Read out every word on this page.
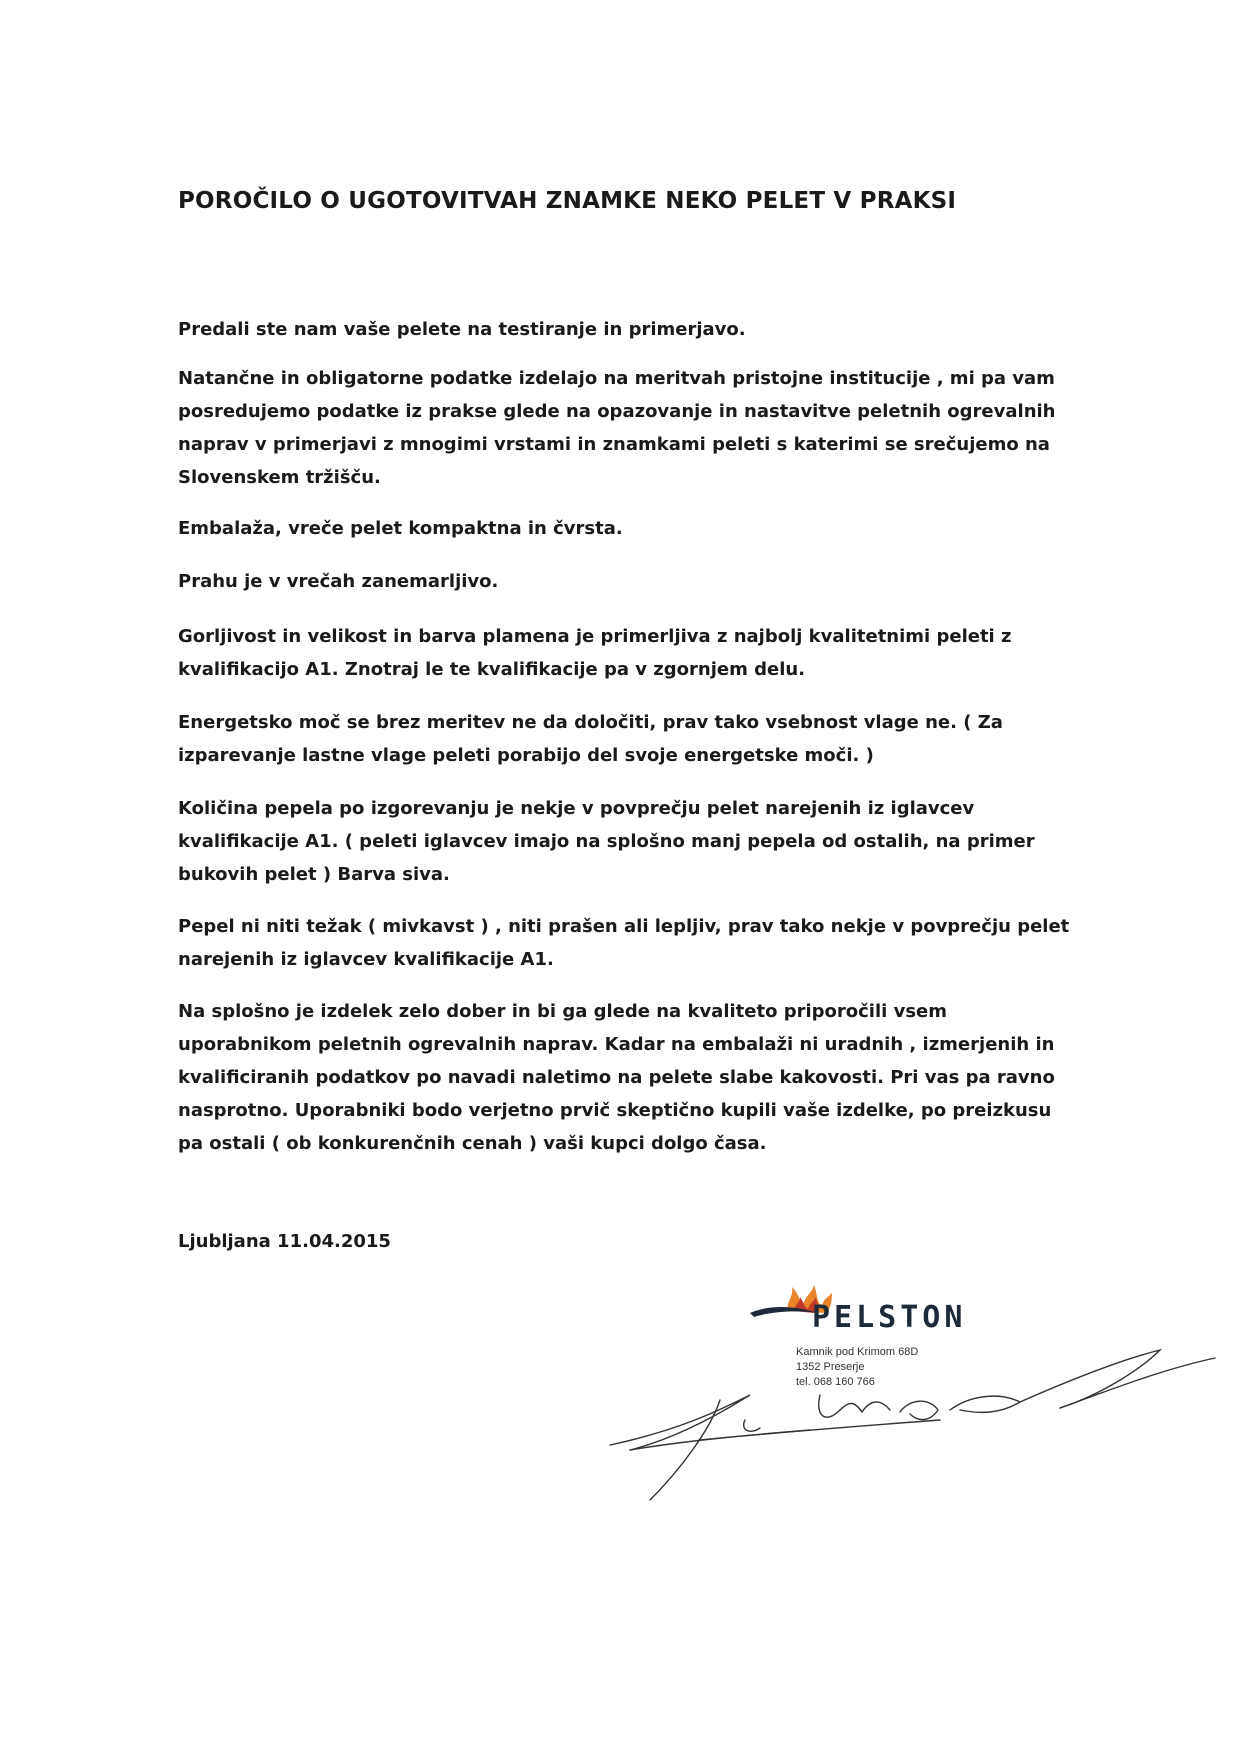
POROČILO O UGOTOVITVAH ZNAMKE NEKO PELET V PRAKSI

Predali ste nam vaše pelete na testiranje in primerjavo.

Natančne in obligatorne podatke izdelajo na meritvah pristojne institucije , mi pa vam posredujemo podatke iz prakse glede na opazovanje in nastavitve peletnih ogrevalnih naprav v primerjavi z mnogimi vrstami in znamkami peleti s katerimi se srečujemo na Slovenskem tržišču.

Embalaža, vreče pelet kompaktna in čvrsta.

Prahu je v vrečah zanemarljivo.

Gorljivost in velikost in barva plamena je primerljiva z najbolj kvalitetnimi peleti z kvalifikacijo A1. Znotraj le te kvalifikacije pa v zgornjem delu.

Energetsko moč se brez meritev ne da določiti, prav tako vsebnost vlage ne. ( Za izparevanje lastne vlage peleti porabijo del svoje energetske moči. )

Količina pepela po izgorevanju je nekje v povprečju pelet narejenih iz iglavcev kvalifikacije A1. ( peleti iglavcev imajo na splošno manj pepela od ostalih, na primer bukovih pelet ) Barva siva.

Pepel ni niti težak ( mivkavst ) , niti prašen ali lepljiv, prav tako nekje v povprečju pelet narejenih iz iglavcev kvalifikacije A1.

Na splošno je izdelek zelo dober in bi ga glede na kvaliteto priporočili vsem uporabnikom peletnih ogrevalnih naprav. Kadar na embalaži ni uradnih , izmerjenih in kvalificiranih podatkov po navadi naletimo na pelete slabe kakovosti. Pri vas pa ravno nasprotno. Uporabniki bodo verjetno prvič skeptično kupili vaše izdelke, po preizkusu pa ostali ( ob konkurenčnih cenah ) vaši kupci dolgo časa.

Ljubljana 11.04.2015

PELSTON
Kamnik pod Krimom 68D
1352 Preserje
tel. 068 160 766
